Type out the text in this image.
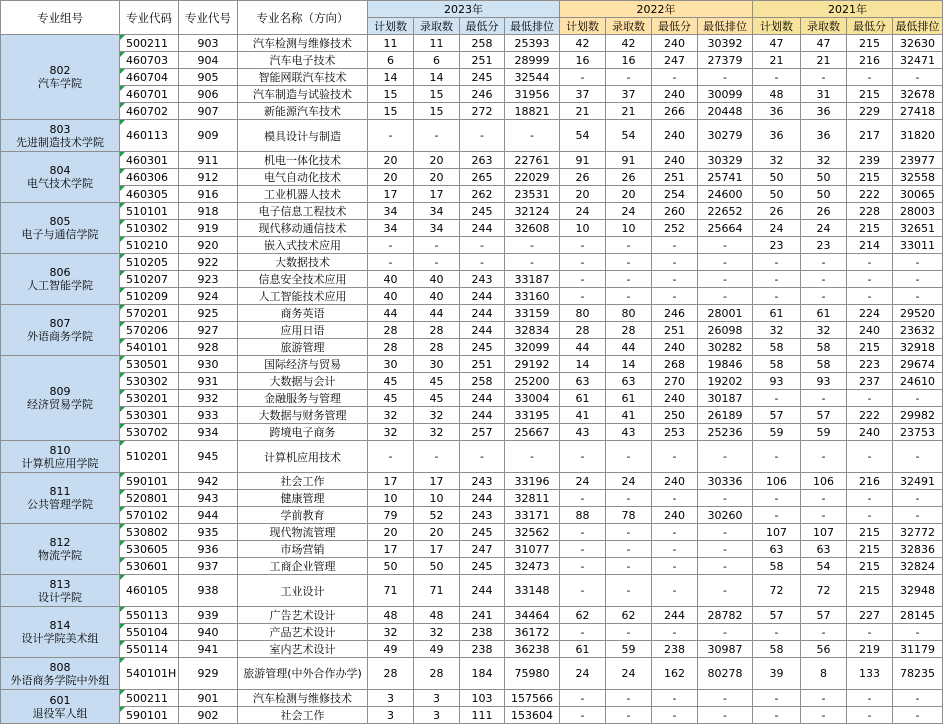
专业组号	专业代码	专业代号	专业名称（方向）	2023年				2022年				2021年			
				计划数	录取数	最低分	最低排位	计划数	录取数	最低分	最低排位	计划数	录取数	最低分	最低排位
802
汽车学院	500211	903	汽车检测与维修技术	11	11	258	25393	42	42	240	30392	47	47	215	32630
	460703	904	汽车电子技术	6	6	251	28999	16	16	247	27379	21	21	216	32471
	460704	905	智能网联汽车技术	14	14	245	32544	-	-	-	-	-	-	-	-
	460701	906	汽车制造与试验技术	15	15	246	31956	37	37	240	30099	48	31	215	32678
	460702	907	新能源汽车技术	15	15	272	18821	21	21	266	20448	36	36	229	27418
803
先进制造技术学院	460113	909	模具设计与制造	-	-	-	-	54	54	240	30279	36	36	217	31820
804
电气技术学院	460301	911	机电一体化技术	20	20	263	22761	91	91	240	30329	32	32	239	23977
	460306	912	电气自动化技术	20	20	265	22029	26	26	251	25741	50	50	215	32558
	460305	916	工业机器人技术	17	17	262	23531	20	20	254	24600	50	50	222	30065
805
电子与通信学院	510101	918	电子信息工程技术	34	34	245	32124	24	24	260	22652	26	26	228	28003
	510302	919	现代移动通信技术	34	34	244	32608	10	10	252	25664	24	24	215	32651
	510210	920	嵌入式技术应用	-	-	-	-	-	-	-	-	23	23	214	33011
806
人工智能学院	510205	922	大数据技术	-	-	-	-	-	-	-	-	-	-	-	-
	510207	923	信息安全技术应用	40	40	243	33187	-	-	-	-	-	-	-	-
	510209	924	人工智能技术应用	40	40	244	33160	-	-	-	-	-	-	-	-
807
外语商务学院	570201	925	商务英语	44	44	244	33159	80	80	246	28001	61	61	224	29520
	570206	927	应用日语	28	28	244	32834	28	28	251	26098	32	32	240	23632
	540101	928	旅游管理	28	28	245	32099	44	44	240	30282	58	58	215	32918
809
经济贸易学院	530501	930	国际经济与贸易	30	30	251	29192	14	14	268	19846	58	58	223	29674
	530302	931	大数据与会计	45	45	258	25200	63	63	270	19202	93	93	237	24610
	530201	932	金融服务与管理	45	45	244	33004	61	61	240	30187	-	-	-	-
	530301	933	大数据与财务管理	32	32	244	33195	41	41	250	26189	57	57	222	29982
	530702	934	跨境电子商务	32	32	257	25667	43	43	253	25236	59	59	240	23753
810
计算机应用学院	510201	945	计算机应用技术	-	-	-	-	-	-	-	-	-	-	-	-
811
公共管理学院	590101	942	社会工作	17	17	243	33196	24	24	240	30336	106	106	216	32491
	520801	943	健康管理	10	10	244	32811	-	-	-	-	-	-	-	-
	570102	944	学前教育	79	52	243	33171	88	78	240	30260	-	-	-	-
812
物流学院	530802	935	现代物流管理	20	20	245	32562	-	-	-	-	107	107	215	32772
	530605	936	市场营销	17	17	247	31077	-	-	-	-	63	63	215	32836
	530601	937	工商企业管理	50	50	245	32473	-	-	-	-	58	54	215	32824
813
设计学院	460105	938	工业设计	71	71	244	33148	-	-	-	-	72	72	215	32948
814
设计学院美术组	550113	939	广告艺术设计	48	48	241	34464	62	62	244	28782	57	57	227	28145
	550104	940	产品艺术设计	32	32	238	36172	-	-	-	-	-	-	-	-
	550114	941	室内艺术设计	49	49	238	36238	61	59	238	30987	58	56	219	31179
808
外语商务学院中外组	540101H	929	旅游管理(中外合作办学)	28	28	184	75980	24	24	162	80278	39	8	133	78235
601
退役军人组	500211	901	汽车检测与维修技术	3	3	103	157566	-	-	-	-	-	-	-	-
	590101	902	社会工作	3	3	111	153604	-	-	-	-	-	-	-	-
